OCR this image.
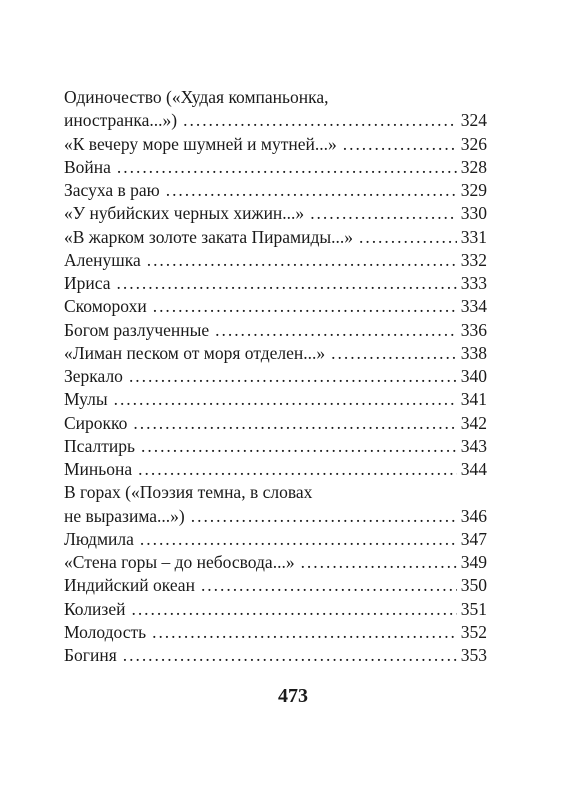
Одиночество («Худая компаньонка,
иностранка...») . . .	324
«К вечеру море шумней и мутней...» . . .	326
Война . . .	328
Засуха в раю . . .	329
«У нубийских черных хижин...» . . .	330
«В жарком золоте заката Пирамиды...» . . .	331
Аленушка . . .	332
Ириса . . .	333
Скоморохи . . .	334
Богом разлученные . . .	336
«Лиман песком от моря отделен...» . . .	338
Зеркало . . .	340
Мулы . . .	341
Сирокко . . .	342
Псалтирь . . .	343
Миньона . . .	344
В горах («Поэзия темна, в словах
не выразима...») . . .	346
Людмила . . .	347
«Стена горы – до небосвода...» . . .	349
Индийский океан . . .	350
Колизей . . .	351
Молодость . . .	352
Богиня . . .	353
473
